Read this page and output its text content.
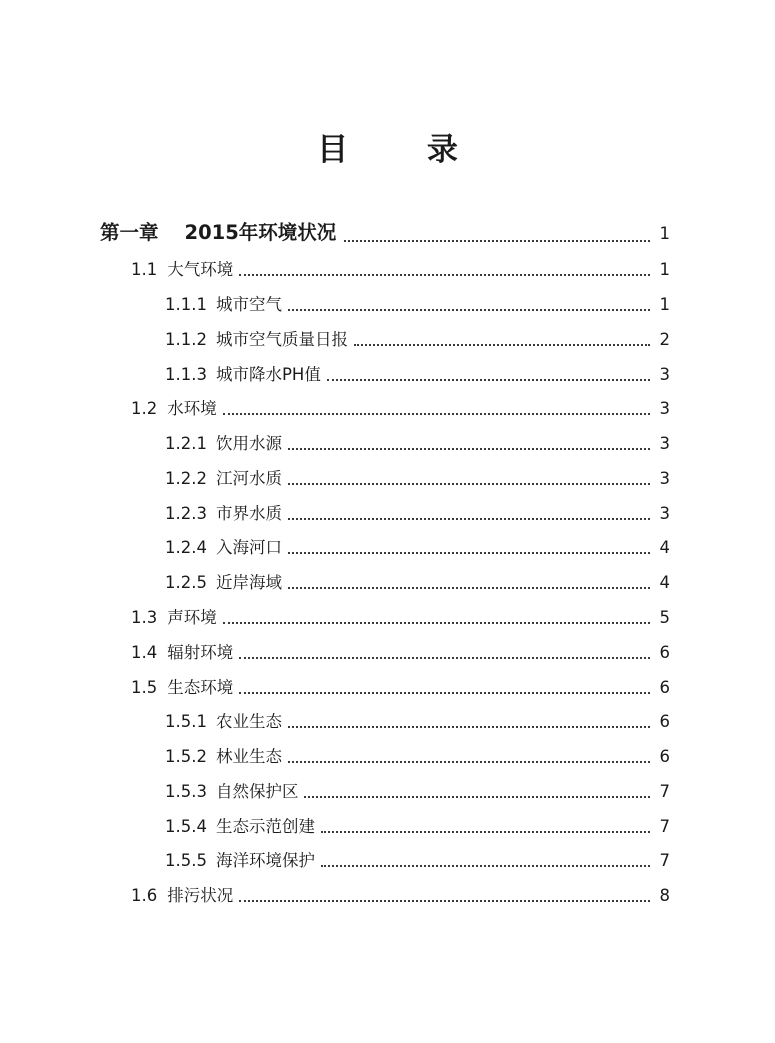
目 录
第一章 2015年环境状况	1
1.1 大气环境	1
1.1.1 城市空气	1
1.1.2 城市空气质量日报	2
1.1.3 城市降水PH值	3
1.2 水环境	3
1.2.1 饮用水源	3
1.2.2 江河水质	3
1.2.3 市界水质	3
1.2.4 入海河口	4
1.2.5 近岸海域	4
1.3 声环境	5
1.4 辐射环境	6
1.5 生态环境	6
1.5.1 农业生态	6
1.5.2 林业生态	6
1.5.3 自然保护区	7
1.5.4 生态示范创建	7
1.5.5 海洋环境保护	7
1.6 排污状况	8
